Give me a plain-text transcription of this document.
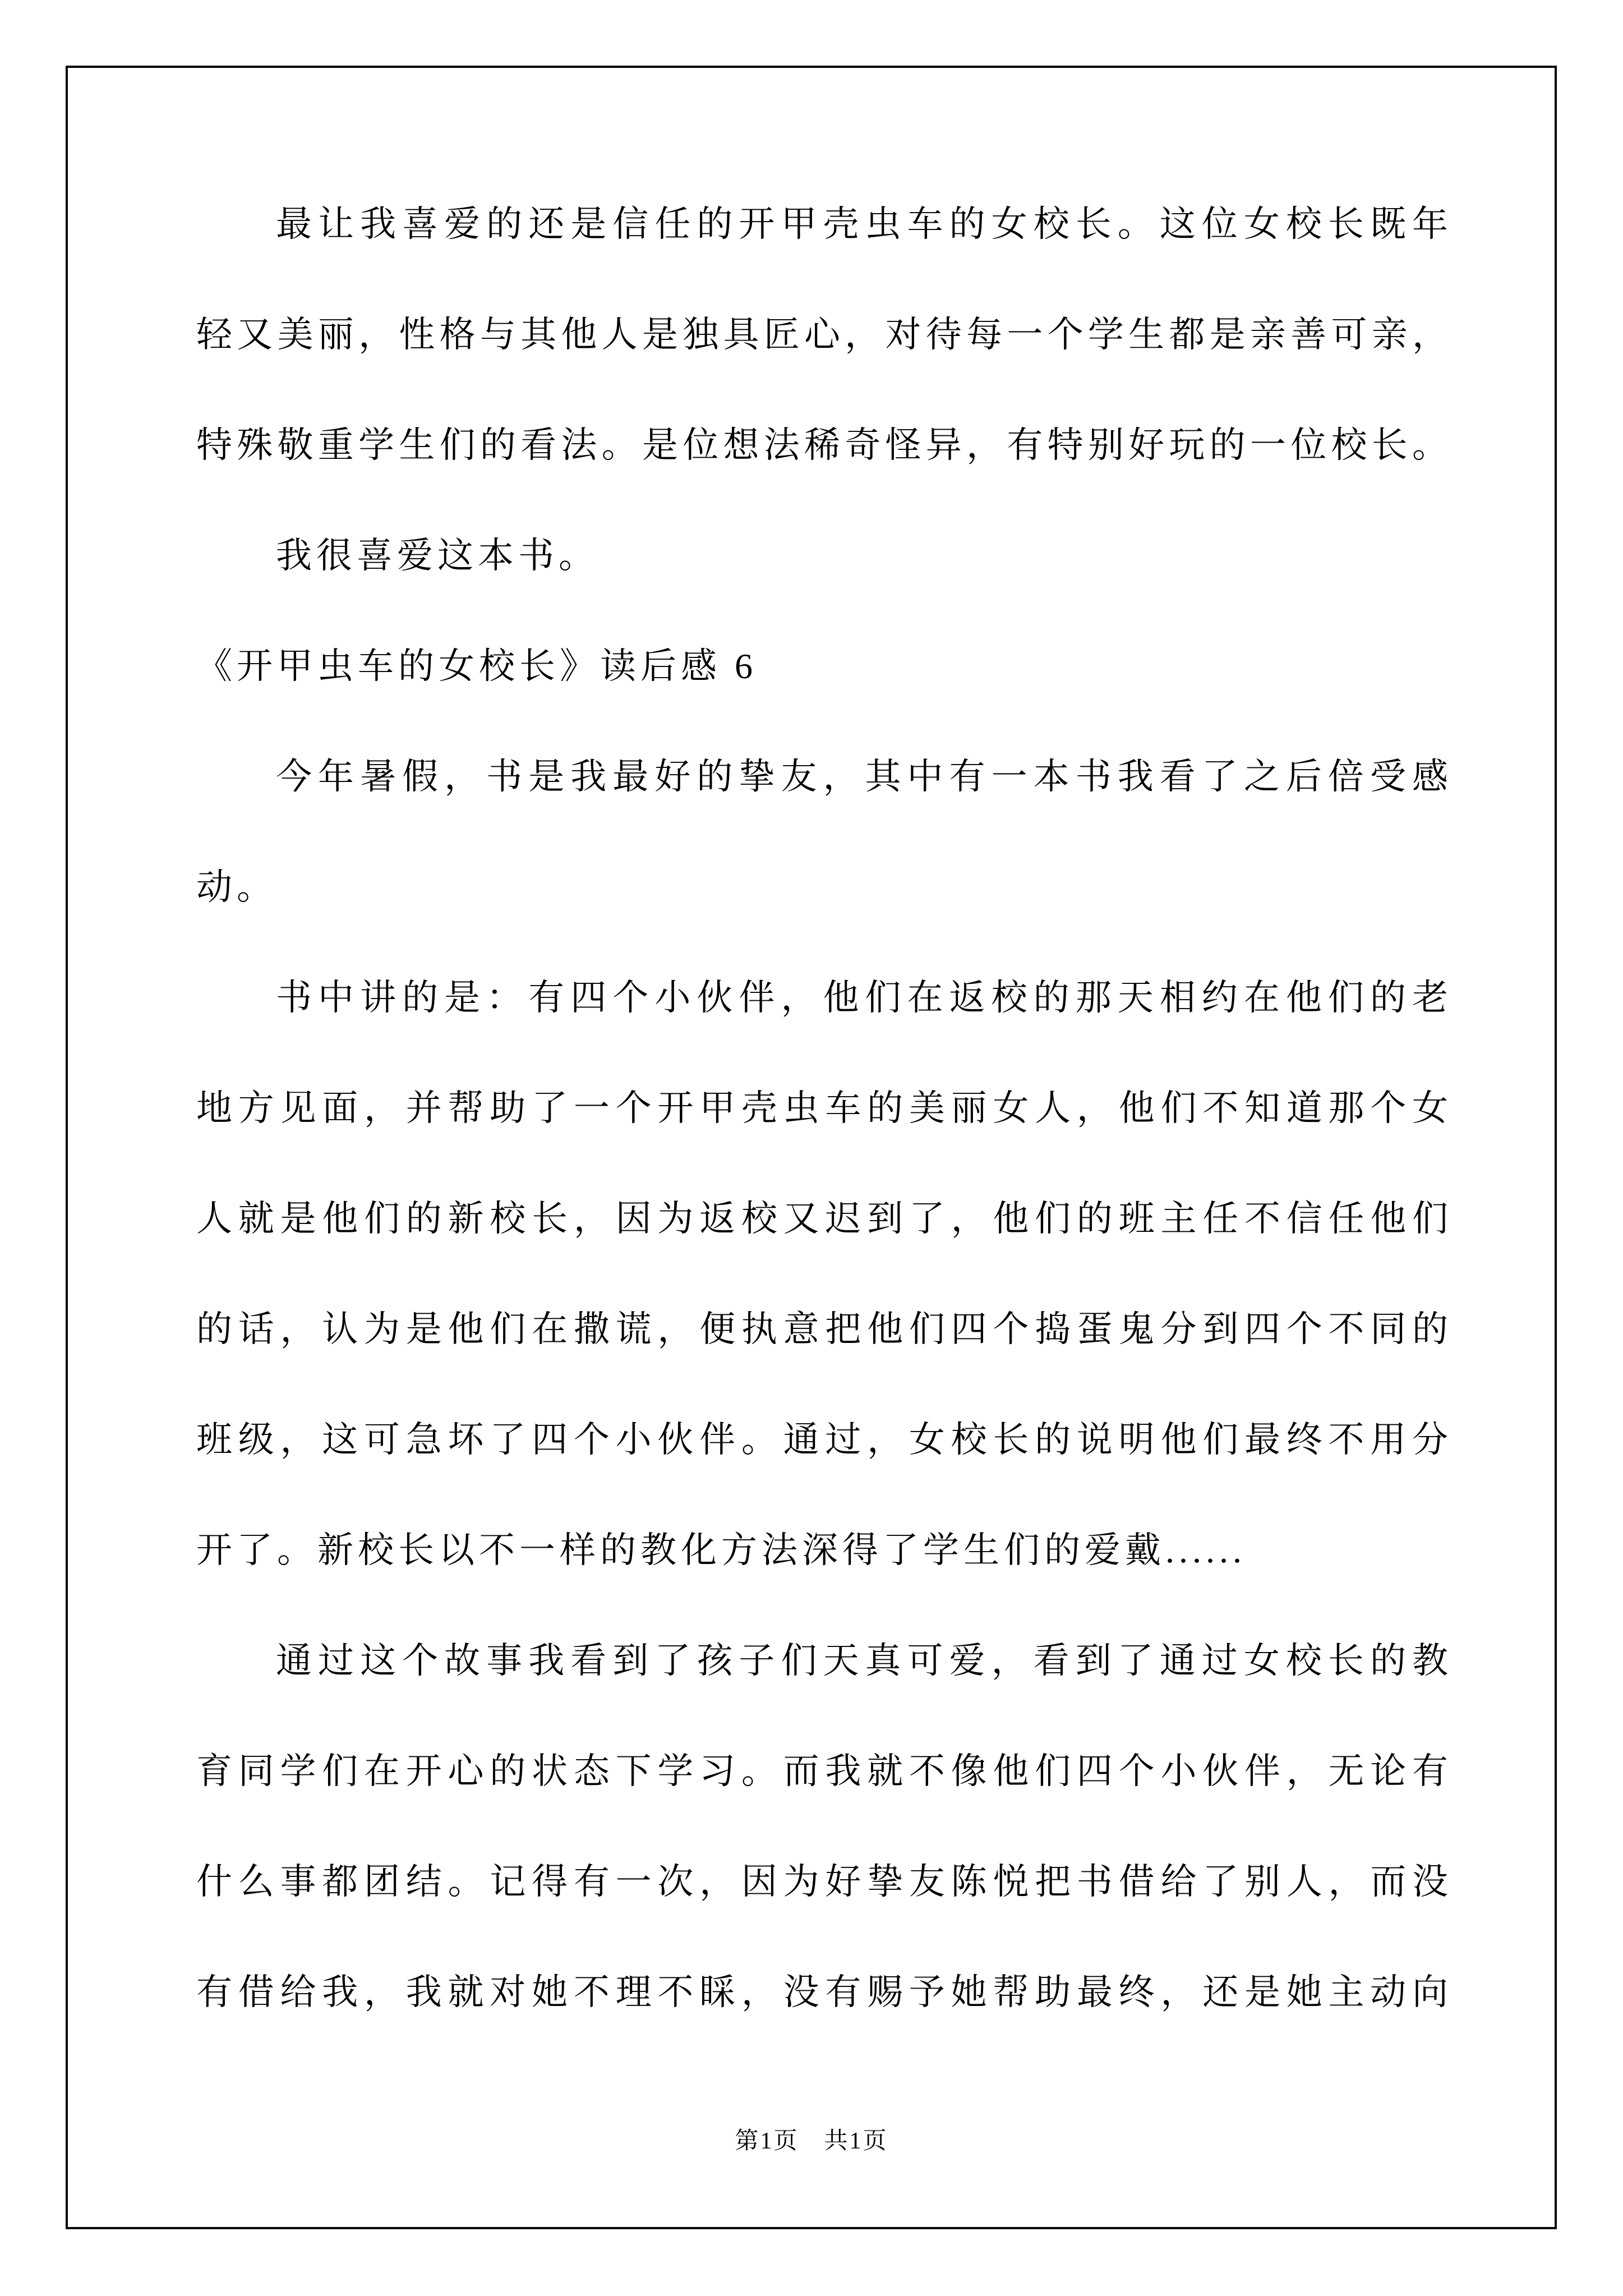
最让我喜爱的还是信任的开甲壳虫车的女校长。这位女校长既年
轻又美丽，性格与其他人是独具匠心，对待每一个学生都是亲善可亲，
特殊敬重学生们的看法。是位想法稀奇怪异，有特别好玩的一位校长。
我很喜爱这本书。
《开甲虫车的女校长》读后感 6
今年暑假，书是我最好的挚友，其中有一本书我看了之后倍受感
动。
书中讲的是：有四个小伙伴，他们在返校的那天相约在他们的老
地方见面，并帮助了一个开甲壳虫车的美丽女人，他们不知道那个女
人就是他们的新校长，因为返校又迟到了，他们的班主任不信任他们
的话，认为是他们在撒谎，便执意把他们四个捣蛋鬼分到四个不同的
班级，这可急坏了四个小伙伴。通过，女校长的说明他们最终不用分
开了。新校长以不一样的教化方法深得了学生们的爱戴......
通过这个故事我看到了孩子们天真可爱，看到了通过女校长的教
育同学们在开心的状态下学习。而我就不像他们四个小伙伴，无论有
什么事都团结。记得有一次，因为好挚友陈悦把书借给了别人，而没
有借给我，我就对她不理不睬，没有赐予她帮助最终，还是她主动向
第1页　共1页
